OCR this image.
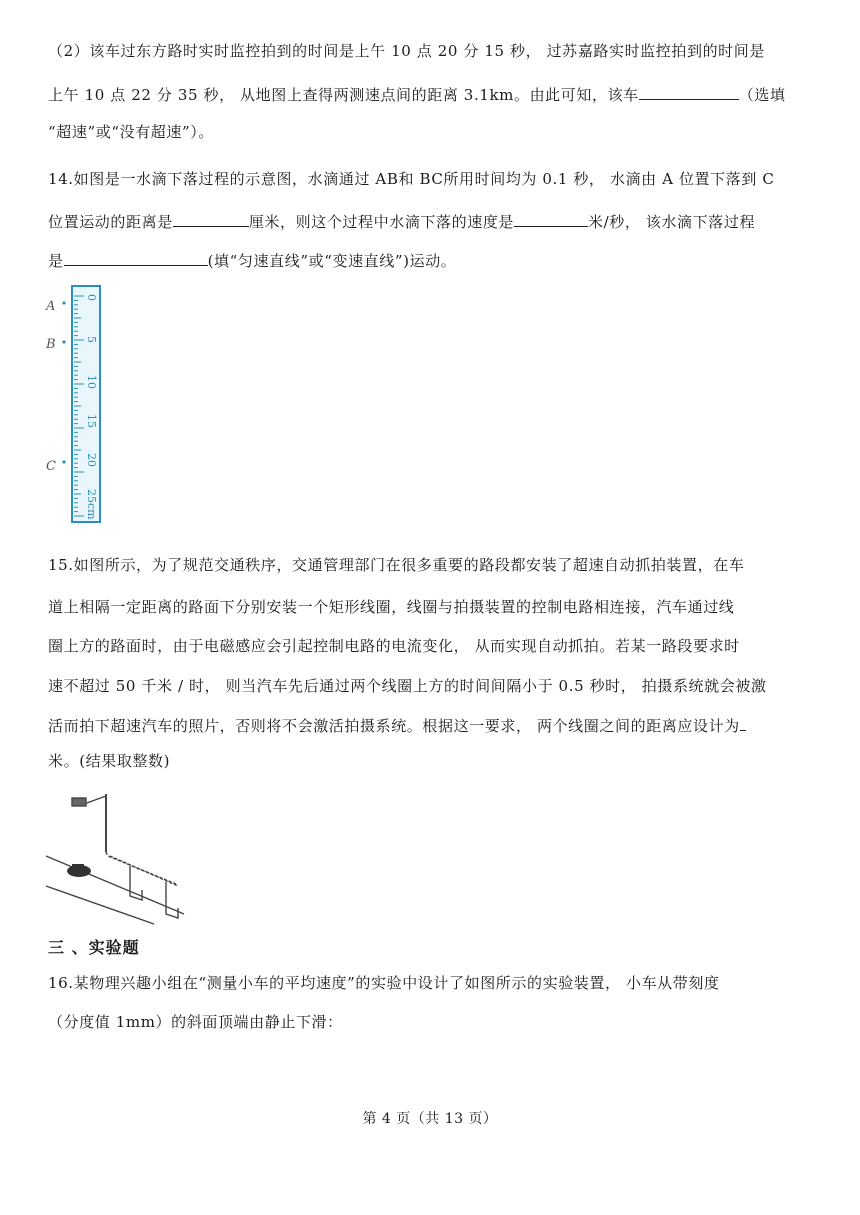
（2）该车过东方路时实时监控拍到的时间是上午 10 点 20 分 15 秒， 过苏嘉路实时监控拍到的时间是
上午 10 点 22 分 35 秒， 从地图上查得两测速点间的距离 3.1km。由此可知，该车	（选填
“超速”或“没有超速”）。
14.如图是一水滴下落过程的示意图，水滴通过 AB和 BC所用时间均为 0.1 秒， 水滴由 A 位置下落到 C
位置运动的距离是	厘米，则这个过程中水滴下落的速度是	米/秒， 该水滴下落过程
是	(填“匀速直线”或“变速直线”)运动。
0
5
10
15
20
25cm
A
B
C
15.如图所示，为了规范交通秩序，交通管理部门在很多重要的路段都安装了超速自动抓拍装置，在车
道上相隔一定距离的路面下分别安装一个矩形线圈，线圈与拍摄装置的控制电路相连接，汽车通过线
圈上方的路面时，由于电磁感应会引起控制电路的电流变化， 从而实现自动抓拍。若某一路段要求时
速不超过 50 千米 / 时， 则当汽车先后通过两个线圈上方的时间间隔小于 0.5 秒时， 拍摄系统就会被激
活而拍下超速汽车的照片，否则将不会激活拍摄系统。根据这一要求， 两个线圈之间的距离应设计为
米。(结果取整数)
三 、实验题
16.某物理兴趣小组在“测量小车的平均速度”的实验中设计了如图所示的实验装置， 小车从带刻度
（分度值 1mm）的斜面顶端由静止下滑：
第 4 页（共 13 页）
